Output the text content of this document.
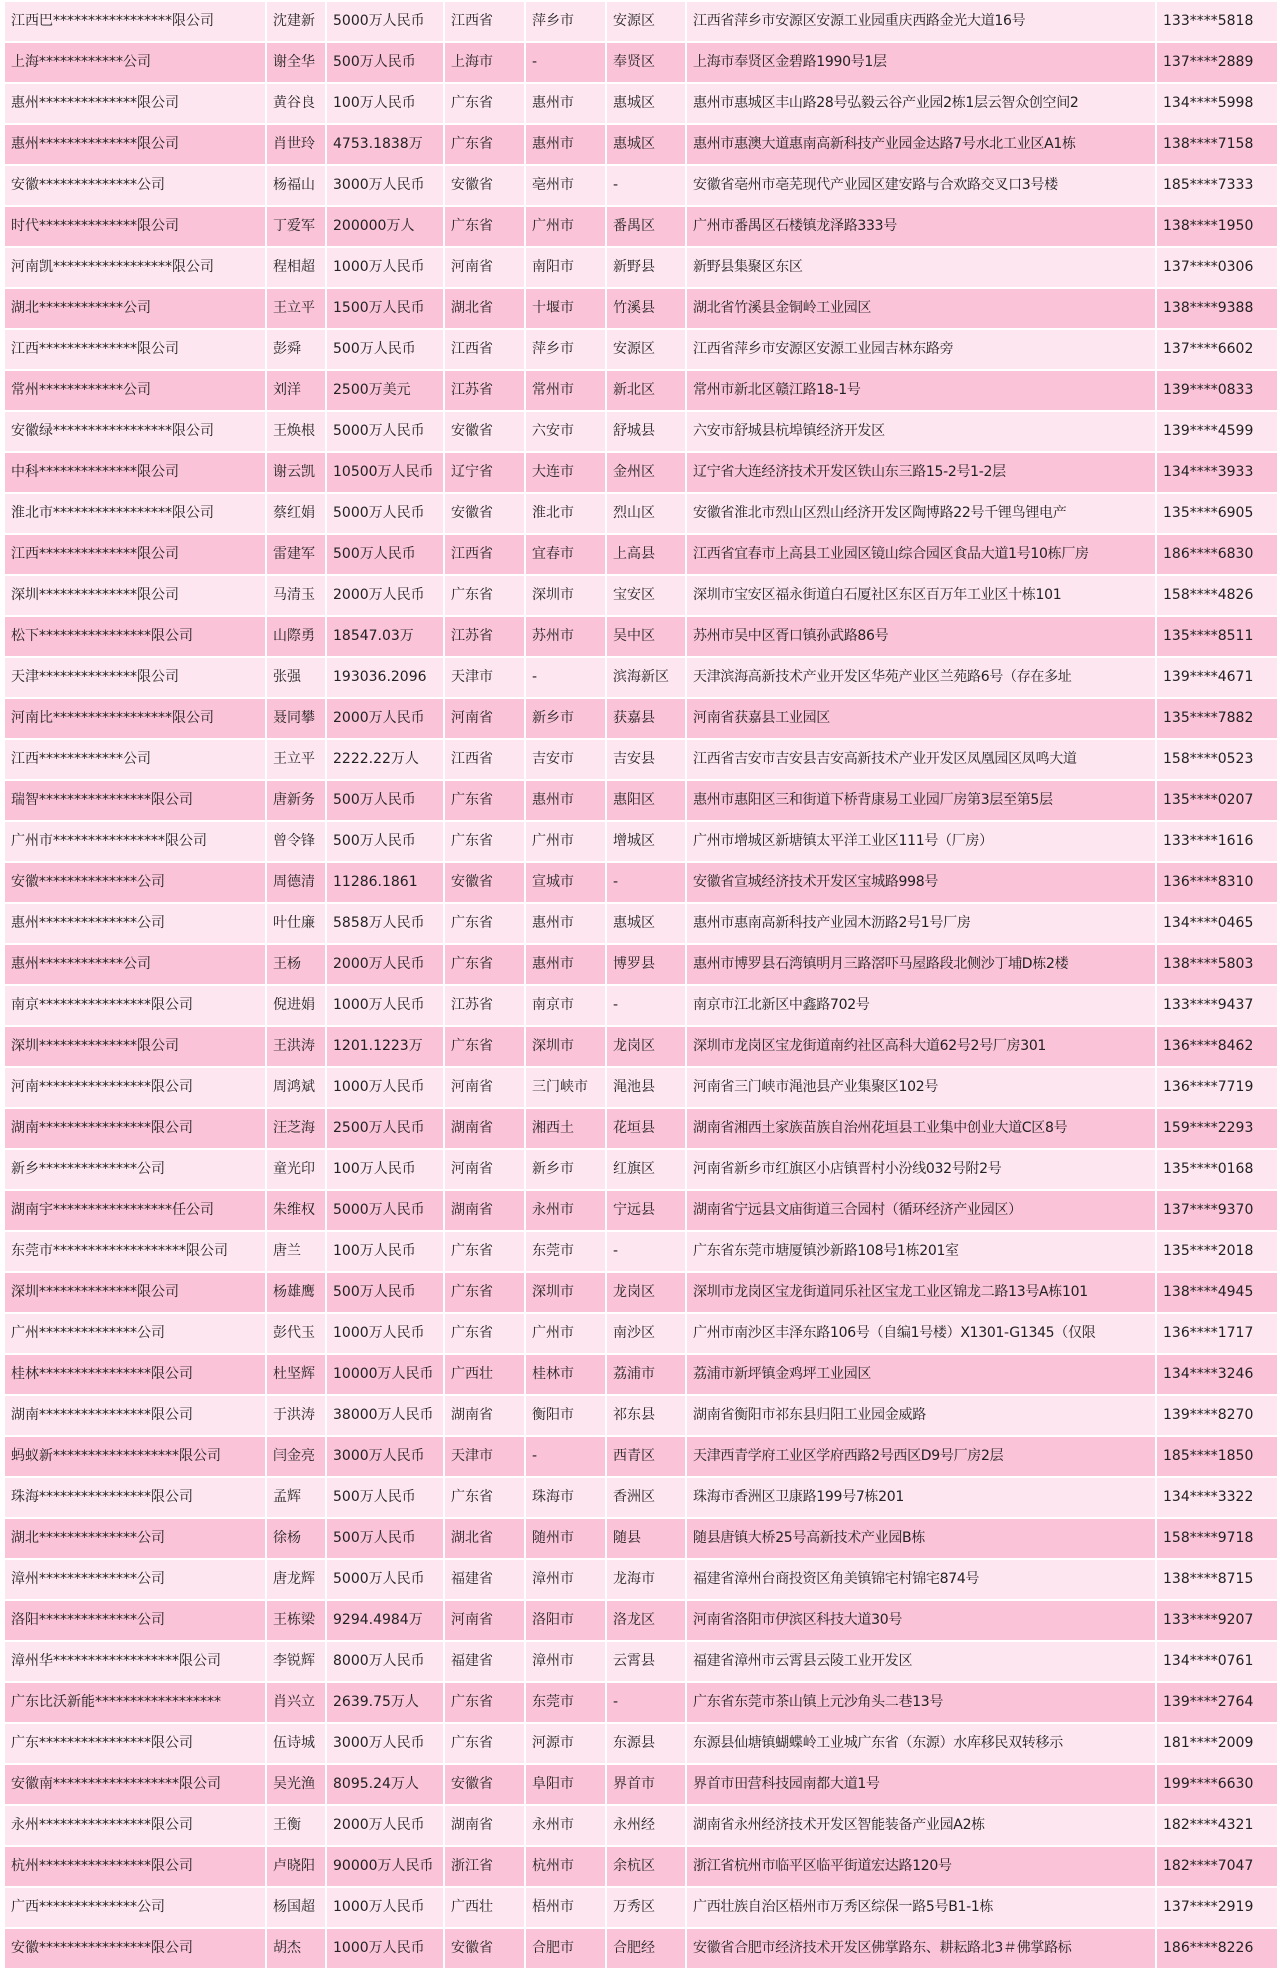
江西巴*****************限公司	沈建新	5000万人民币	江西省	萍乡市	安源区	江西省萍乡市安源区安源工业园重庆西路金光大道16号	133****5818
上海************公司	谢全华	500万人民币	上海市	-	奉贤区	上海市奉贤区金碧路1990号1层	137****2889
惠州**************限公司	黄谷良	100万人民币	广东省	惠州市	惠城区	惠州市惠城区丰山路28号弘毅云谷产业园2栋1层云智众创空间2	134****5998
惠州**************限公司	肖世玲	4753.1838万	广东省	惠州市	惠城区	惠州市惠澳大道惠南高新科技产业园金达路7号水北工业区A1栋	138****7158
安徽**************公司	杨福山	3000万人民币	安徽省	亳州市	-	安徽省亳州市亳芜现代产业园区建安路与合欢路交叉口3号楼	185****7333
时代**************限公司	丁爱军	200000万人	广东省	广州市	番禺区	广州市番禺区石楼镇龙泽路333号	138****1950
河南凯*****************限公司	程相超	1000万人民币	河南省	南阳市	新野县	新野县集聚区东区	137****0306
湖北************公司	王立平	1500万人民币	湖北省	十堰市	竹溪县	湖北省竹溪县金铜岭工业园区	138****9388
江西**************限公司	彭舜	500万人民币	江西省	萍乡市	安源区	江西省萍乡市安源区安源工业园吉林东路旁	137****6602
常州************公司	刘洋	2500万美元	江苏省	常州市	新北区	常州市新北区赣江路18-1号	139****0833
安徽绿*****************限公司	王焕根	5000万人民币	安徽省	六安市	舒城县	六安市舒城县杭埠镇经济开发区	139****4599
中科**************限公司	谢云凯	10500万人民币	辽宁省	大连市	金州区	辽宁省大连经济技术开发区铁山东三路15-2号1-2层	134****3933
淮北市*****************限公司	蔡红娟	5000万人民币	安徽省	淮北市	烈山区	安徽省淮北市烈山区烈山经济开发区陶博路22号千锂鸟锂电产	135****6905
江西**************限公司	雷建军	500万人民币	江西省	宜春市	上高县	江西省宜春市上高县工业园区镜山综合园区食品大道1号10栋厂房	186****6830
深圳**************限公司	马清玉	2000万人民币	广东省	深圳市	宝安区	深圳市宝安区福永街道白石厦社区东区百万年工业区十栋101	158****4826
松下****************限公司	山際勇	18547.03万	江苏省	苏州市	吴中区	苏州市吴中区胥口镇孙武路86号	135****8511
天津**************限公司	张强	193036.2096	天津市	-	滨海新区	天津滨海高新技术产业开发区华苑产业区兰苑路6号（存在多址	139****4671
河南比*****************限公司	聂同攀	2000万人民币	河南省	新乡市	获嘉县	河南省获嘉县工业园区	135****7882
江西************公司	王立平	2222.22万人	江西省	吉安市	吉安县	江西省吉安市吉安县吉安高新技术产业开发区凤凰园区凤鸣大道	158****0523
瑞智****************限公司	唐新务	500万人民币	广东省	惠州市	惠阳区	惠州市惠阳区三和街道下桥背康易工业园厂房第3层至第5层	135****0207
广州市****************限公司	曾令锋	500万人民币	广东省	广州市	增城区	广州市增城区新塘镇太平洋工业区111号（厂房）	133****1616
安徽**************公司	周德清	11286.1861	安徽省	宣城市	-	安徽省宣城经济技术开发区宝城路998号	136****8310
惠州**************公司	叶仕廉	5858万人民币	广东省	惠州市	惠城区	惠州市惠南高新科技产业园木沥路2号1号厂房	134****0465
惠州************公司	王杨	2000万人民币	广东省	惠州市	博罗县	惠州市博罗县石湾镇明月三路滘吓马屋路段北侧沙丁埔D栋2楼	138****5803
南京****************限公司	倪进娟	1000万人民币	江苏省	南京市	-	南京市江北新区中鑫路702号	133****9437
深圳**************限公司	王洪涛	1201.1223万	广东省	深圳市	龙岗区	深圳市龙岗区宝龙街道南约社区高科大道62号2号厂房301	136****8462
河南****************限公司	周鸿斌	1000万人民币	河南省	三门峡市	渑池县	河南省三门峡市渑池县产业集聚区102号	136****7719
湖南****************限公司	汪芝海	2500万人民币	湖南省	湘西土	花垣县	湖南省湘西土家族苗族自治州花垣县工业集中创业大道C区8号	159****2293
新乡**************公司	童光印	100万人民币	河南省	新乡市	红旗区	河南省新乡市红旗区小店镇晋村小汾线032号附2号	135****0168
湖南宇*****************任公司	朱维权	5000万人民币	湖南省	永州市	宁远县	湖南省宁远县文庙街道三合园村（循环经济产业园区）	137****9370
东莞市*******************限公司	唐兰	100万人民币	广东省	东莞市	-	广东省东莞市塘厦镇沙新路108号1栋201室	135****2018
深圳**************限公司	杨雄鹰	500万人民币	广东省	深圳市	龙岗区	深圳市龙岗区宝龙街道同乐社区宝龙工业区锦龙二路13号A栋101	138****4945
广州**************公司	彭代玉	1000万人民币	广东省	广州市	南沙区	广州市南沙区丰泽东路106号（自编1号楼）X1301-G1345（仅限	136****1717
桂林****************限公司	杜坚辉	10000万人民币	广西壮	桂林市	荔浦市	荔浦市新坪镇金鸡坪工业园区	134****3246
湖南****************限公司	于洪涛	38000万人民币	湖南省	衡阳市	祁东县	湖南省衡阳市祁东县归阳工业园金威路	139****8270
蚂蚁新******************限公司	闫金亮	3000万人民币	天津市	-	西青区	天津西青学府工业区学府西路2号西区D9号厂房2层	185****1850
珠海****************限公司	孟辉	500万人民币	广东省	珠海市	香洲区	珠海市香洲区卫康路199号7栋201	134****3322
湖北**************公司	徐杨	500万人民币	湖北省	随州市	随县	随县唐镇大桥25号高新技术产业园B栋	158****9718
漳州**************公司	唐龙辉	5000万人民币	福建省	漳州市	龙海市	福建省漳州台商投资区角美镇锦宅村锦宅874号	138****8715
洛阳**************公司	王栋梁	9294.4984万	河南省	洛阳市	洛龙区	河南省洛阳市伊滨区科技大道30号	133****9207
漳州华******************限公司	李锐辉	8000万人民币	福建省	漳州市	云霄县	福建省漳州市云霄县云陵工业开发区	134****0761
广东比沃新能******************	肖兴立	2639.75万人	广东省	东莞市	-	广东省东莞市茶山镇上元沙角头二巷13号	139****2764
广东****************限公司	伍诗城	3000万人民币	广东省	河源市	东源县	东源县仙塘镇蝴蝶岭工业城广东省（东源）水库移民双转移示	181****2009
安徽南******************限公司	吴光渔	8095.24万人	安徽省	阜阳市	界首市	界首市田营科技园南都大道1号	199****6630
永州****************限公司	王衡	2000万人民币	湖南省	永州市	永州经	湖南省永州经济技术开发区智能装备产业园A2栋	182****4321
杭州****************限公司	卢晓阳	90000万人民币	浙江省	杭州市	余杭区	浙江省杭州市临平区临平街道宏达路120号	182****7047
广西**************公司	杨国超	1000万人民币	广西壮	梧州市	万秀区	广西壮族自治区梧州市万秀区综保一路5号B1-1栋	137****2919
安徽****************限公司	胡杰	1000万人民币	安徽省	合肥市	合肥经	安徽省合肥市经济技术开发区佛掌路东、耕耘路北3＃佛掌路标	186****8226
